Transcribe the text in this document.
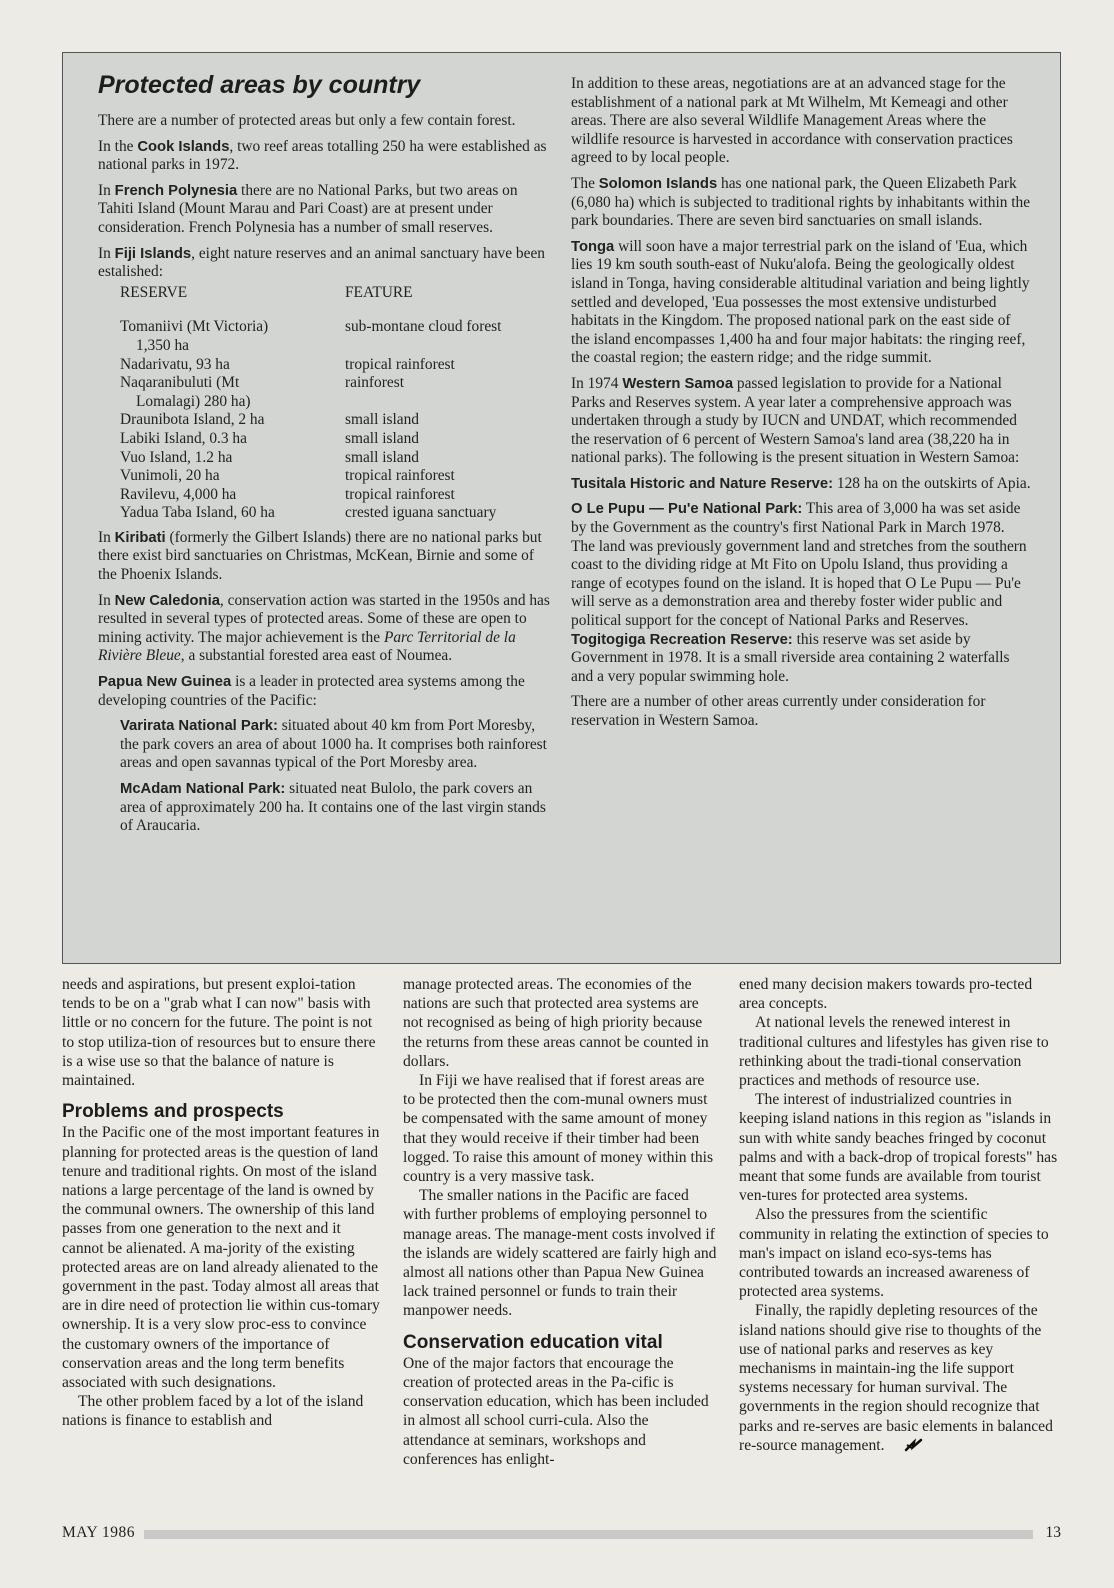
Protected areas by country

There are a number of protected areas but only a few contain forest.

In the Cook Islands, two reef areas totalling 250 ha were established as national parks in 1972.

In French Polynesia there are no National Parks, but two areas on Tahiti Island (Mount Marau and Pari Coast) are at present under consideration. French Polynesia has a number of small reserves.

In Fiji Islands, eight nature reserves and an animal sanctuary have been estalished:

RESERVE	FEATURE

Tomaniivi (Mt Victoria)
1,350 ha	sub-montane cloud forest

Nadarivatu, 93 ha	tropical rainforest

Naqaranibuluti (Mt
Lomalagi) 280 ha)	rainforest

Draunibota Island, 2 ha	small island

Labiki Island, 0.3 ha	small island

Vuo Island, 1.2 ha	small island

Vunimoli, 20 ha	tropical rainforest

Ravilevu, 4,000 ha	tropical rainforest

Yadua Taba Island, 60 ha	crested iguana sanctuary

In Kiribati (formerly the Gilbert Islands) there are no national parks but there exist bird sanctuaries on Christmas, McKean, Birnie and some of the Phoenix Islands.

In New Caledonia, conservation action was started in the 1950s and has resulted in several types of protected areas. Some of these are open to mining activity. The major achievement is the Parc Territorial de la Rivière Bleue, a substantial forested area east of Noumea.

Papua New Guinea is a leader in protected area systems among the developing countries of the Pacific:

Varirata National Park: situated about 40 km from Port Moresby, the park covers an area of about 1000 ha. It comprises both rainforest areas and open savannas typical of the Port Moresby area.

McAdam National Park: situated neat Bulolo, the park covers an area of approximately 200 ha. It contains one of the last virgin stands of Araucaria.

In addition to these areas, negotiations are at an advanced stage for the establishment of a national park at Mt Wilhelm, Mt Kemeagi and other areas. There are also several Wildlife Management Areas where the wildlife resource is harvested in accordance with conservation practices agreed to by local people.

The Solomon Islands has one national park, the Queen Elizabeth Park (6,080 ha) which is subjected to traditional rights by inhabitants within the park boundaries. There are seven bird sanctuaries on small islands.

Tonga will soon have a major terrestrial park on the island of 'Eua, which lies 19 km south south-east of Nuku'alofa. Being the geologically oldest island in Tonga, having considerable altitudinal variation and being lightly settled and developed, 'Eua possesses the most extensive undisturbed habitats in the Kingdom. The proposed national park on the east side of the island encompasses 1,400 ha and four major habitats: the ringing reef, the coastal region; the eastern ridge; and the ridge summit.

In 1974 Western Samoa passed legislation to provide for a National Parks and Reserves system. A year later a comprehensive approach was undertaken through a study by IUCN and UNDAT, which recommended the reservation of 6 percent of Western Samoa's land area (38,220 ha in national parks). The following is the present situation in Western Samoa:

Tusitala Historic and Nature Reserve: 128 ha on the outskirts of Apia.

O Le Pupu — Pu'e National Park: This area of 3,000 ha was set aside by the Government as the country's first National Park in March 1978. The land was previously government land and stretches from the southern coast to the dividing ridge at Mt Fito on Upolu Island, thus providing a range of ecotypes found on the island. It is hoped that O Le Pupu — Pu'e will serve as a demonstration area and thereby foster wider public and political support for the concept of National Parks and Reserves.

Togitogiga Recreation Reserve: this reserve was set aside by Government in 1978. It is a small riverside area containing 2 waterfalls and a very popular swimming hole.

There are a number of other areas currently under consideration for reservation in Western Samoa.

needs and aspirations, but present exploi-tation tends to be on a "grab what I can now" basis with little or no concern for the future. The point is not to stop utiliza-tion of resources but to ensure there is a wise use so that the balance of nature is maintained.

Problems and prospects

In the Pacific one of the most important features in planning for protected areas is the question of land tenure and traditional rights. On most of the island nations a large percentage of the land is owned by the communal owners. The ownership of this land passes from one generation to the next and it cannot be alienated. A ma-jority of the existing protected areas are on land already alienated to the government in the past. Today almost all areas that are in dire need of protection lie within cus-tomary ownership. It is a very slow proc-ess to convince the customary owners of the importance of conservation areas and the long term benefits associated with such designations.

The other problem faced by a lot of the island nations is finance to establish and

manage protected areas. The economies of the nations are such that protected area systems are not recognised as being of high priority because the returns from these areas cannot be counted in dollars.

In Fiji we have realised that if forest areas are to be protected then the com-munal owners must be compensated with the same amount of money that they would receive if their timber had been logged. To raise this amount of money within this country is a very massive task.

The smaller nations in the Pacific are faced with further problems of employing personnel to manage areas. The manage-ment costs involved if the islands are widely scattered are fairly high and almost all nations other than Papua New Guinea lack trained personnel or funds to train their manpower needs.

Conservation education vital

One of the major factors that encourage the creation of protected areas in the Pa-cific is conservation education, which has been included in almost all school curri-cula. Also the attendance at seminars, workshops and conferences has enlight-

ened many decision makers towards pro-tected area concepts.

At national levels the renewed interest in traditional cultures and lifestyles has given rise to rethinking about the tradi-tional conservation practices and methods of resource use.

The interest of industrialized countries in keeping island nations in this region as "islands in sun with white sandy beaches fringed by coconut palms and with a back-drop of tropical forests" has meant that some funds are available from tourist ven-tures for protected area systems.

Also the pressures from the scientific community in relating the extinction of species to man's impact on island eco-sys-tems has contributed towards an increased awareness of protected area systems.

Finally, the rapidly depleting resources of the island nations should give rise to thoughts of the use of national parks and reserves as key mechanisms in maintain-ing the life support systems necessary for human survival. The governments in the region should recognize that parks and re-serves are basic elements in balanced re-source management.

MAY 1986	13
